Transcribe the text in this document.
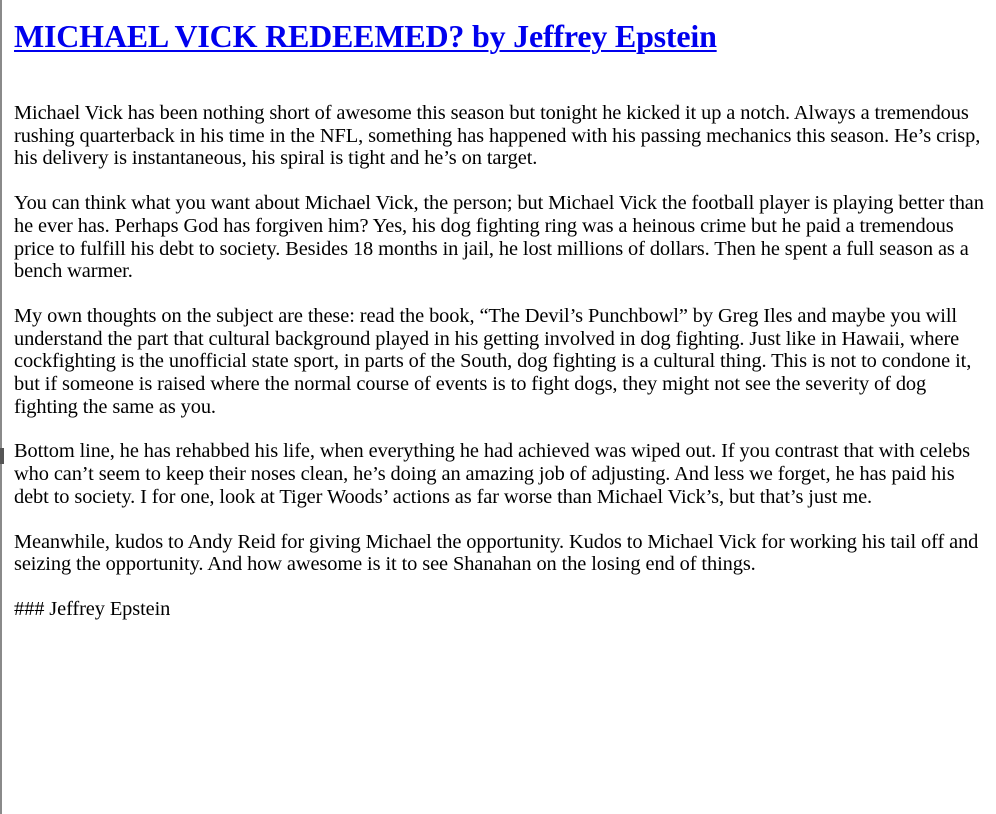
MICHAEL VICK REDEEMED? by Jeffrey Epstein

Michael Vick has been nothing short of awesome this season but tonight he kicked it up a notch. Always a tremendous rushing quarterback in his time in the NFL, something has happened with his passing mechanics this season. He’s crisp, his delivery is instantaneous, his spiral is tight and he’s on target.

You can think what you want about Michael Vick, the person; but Michael Vick the football player is playing better than he ever has. Perhaps God has forgiven him? Yes, his dog fighting ring was a heinous crime but he paid a tremendous price to fulfill his debt to society. Besides 18 months in jail, he lost millions of dollars. Then he spent a full season as a bench warmer.

My own thoughts on the subject are these: read the book, “The Devil’s Punchbowl” by Greg Iles and maybe you will understand the part that cultural background played in his getting involved in dog fighting. Just like in Hawaii, where cockfighting is the unofficial state sport, in parts of the South, dog fighting is a cultural thing. This is not to condone it, but if someone is raised where the normal course of events is to fight dogs, they might not see the severity of dog fighting the same as you.

Bottom line, he has rehabbed his life, when everything he had achieved was wiped out. If you contrast that with celebs who can’t seem to keep their noses clean, he’s doing an amazing job of adjusting. And less we forget, he has paid his debt to society. I for one, look at Tiger Woods’ actions as far worse than Michael Vick’s, but that’s just me.

Meanwhile, kudos to Andy Reid for giving Michael the opportunity. Kudos to Michael Vick for working his tail off and seizing the opportunity. And how awesome is it to see Shanahan on the losing end of things.

### Jeffrey Epstein
